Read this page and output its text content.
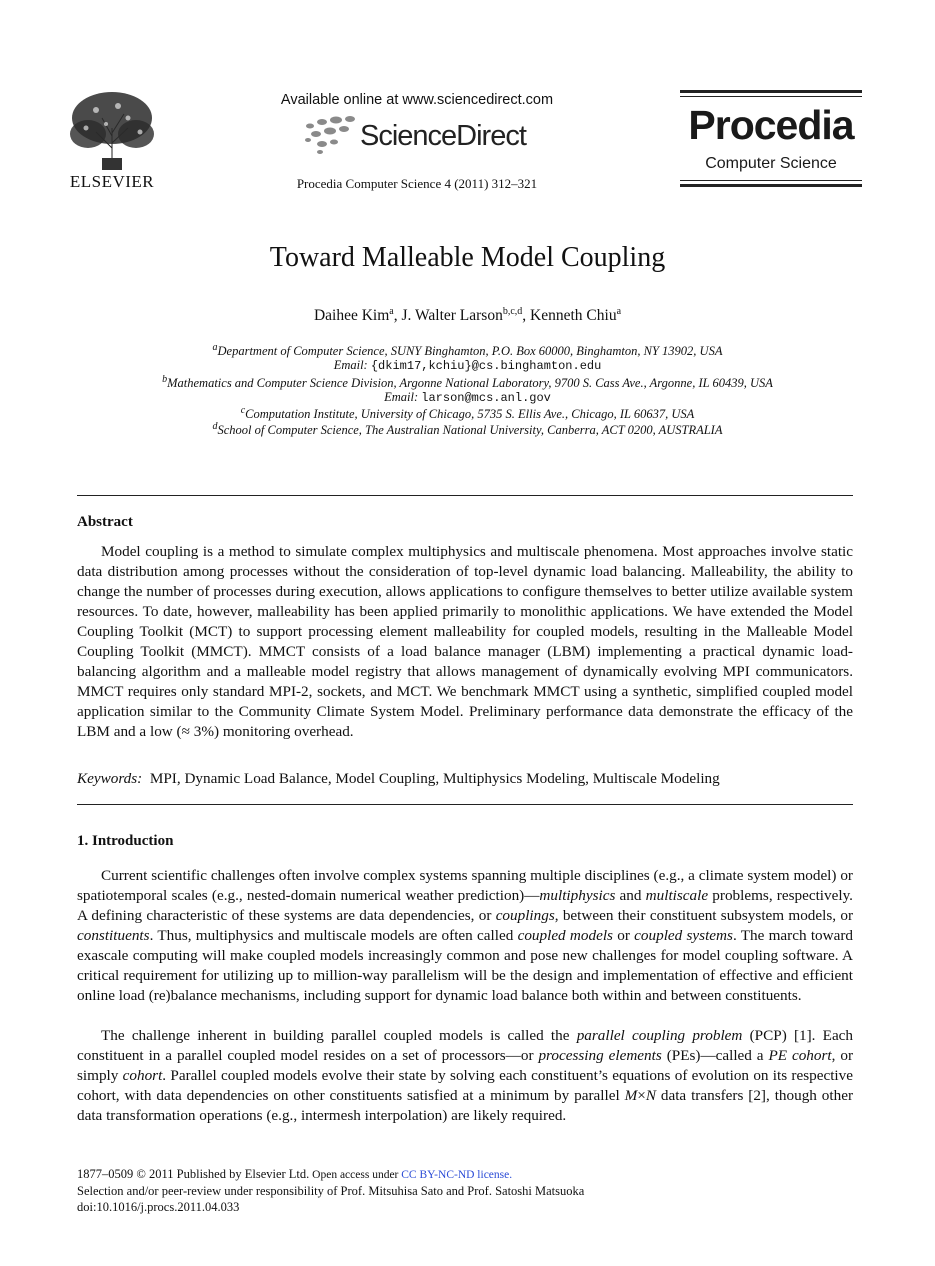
ELSEVIER
Available online at www.sciencedirect.com
ScienceDirect
Procedia Computer Science 4 (2011) 312–321
Procedia
Computer Science
Toward Malleable Model Coupling
Daihee Kim$^a$, J. Walter Larson$^{b,c,d}$, Kenneth Chiu$^a$
$^a$Department of Computer Science, SUNY Binghamton, P.O. Box 60000, Binghamton, NY 13902, USA
Email: {dkim17,kchiu}@cs.binghamton.edu
$^b$Mathematics and Computer Science Division, Argonne National Laboratory, 9700 S. Cass Ave., Argonne, IL 60439, USA
Email: larson@mcs.anl.gov
$^c$Computation Institute, University of Chicago, 5735 S. Ellis Ave., Chicago, IL 60637, USA
$^d$School of Computer Science, The Australian National University, Canberra, ACT 0200, AUSTRALIA
Abstract
Model coupling is a method to simulate complex multiphysics and multiscale phenomena. Most approaches involve static data distribution among processes without the consideration of top-level dynamic load balancing. Malleability, the ability to change the number of processes during execution, allows applications to configure themselves to better utilize available system resources. To date, however, malleability has been applied primarily to monolithic applications. We have extended the Model Coupling Toolkit (MCT) to support processing element malleability for coupled models, resulting in the Malleable Model Coupling Toolkit (MMCT). MMCT consists of a load balance manager (LBM) implementing a practical dynamic load-balancing algorithm and a malleable model registry that allows management of dynamically evolving MPI communicators. MMCT requires only standard MPI-2, sockets, and MCT. We benchmark MMCT using a synthetic, simplified coupled model application similar to the Community Climate System Model. Preliminary performance data demonstrate the efficacy of the LBM and a low (≈ 3%) monitoring overhead.
Keywords: MPI, Dynamic Load Balance, Model Coupling, Multiphysics Modeling, Multiscale Modeling
1. Introduction
Current scientific challenges often involve complex systems spanning multiple disciplines (e.g., a climate system model) or spatiotemporal scales (e.g., nested-domain numerical weather prediction)—multiphysics and multiscale problems, respectively. A defining characteristic of these systems are data dependencies, or couplings, between their constituent subsystem models, or constituents. Thus, multiphysics and multiscale models are often called coupled models or coupled systems. The march toward exascale computing will make coupled models increasingly common and pose new challenges for model coupling software. A critical requirement for utilizing up to million-way parallelism will be the design and implementation of effective and efficient online load (re)balance mechanisms, including support for dynamic load balance both within and between constituents.
The challenge inherent in building parallel coupled models is called the parallel coupling problem (PCP) [1]. Each constituent in a parallel coupled model resides on a set of processors—or processing elements (PEs)—called a PE cohort, or simply cohort. Parallel coupled models evolve their state by solving each constituent’s equations of evolution on its respective cohort, with data dependencies on other constituents satisfied at a minimum by parallel M×N data transfers [2], though other data transformation operations (e.g., intermesh interpolation) are likely required.
1877–0509 © 2011 Published by Elsevier Ltd. Open access under CC BY-NC-ND license.
Selection and/or peer-review under responsibility of Prof. Mitsuhisa Sato and Prof. Satoshi Matsuoka
doi:10.1016/j.procs.2011.04.033
